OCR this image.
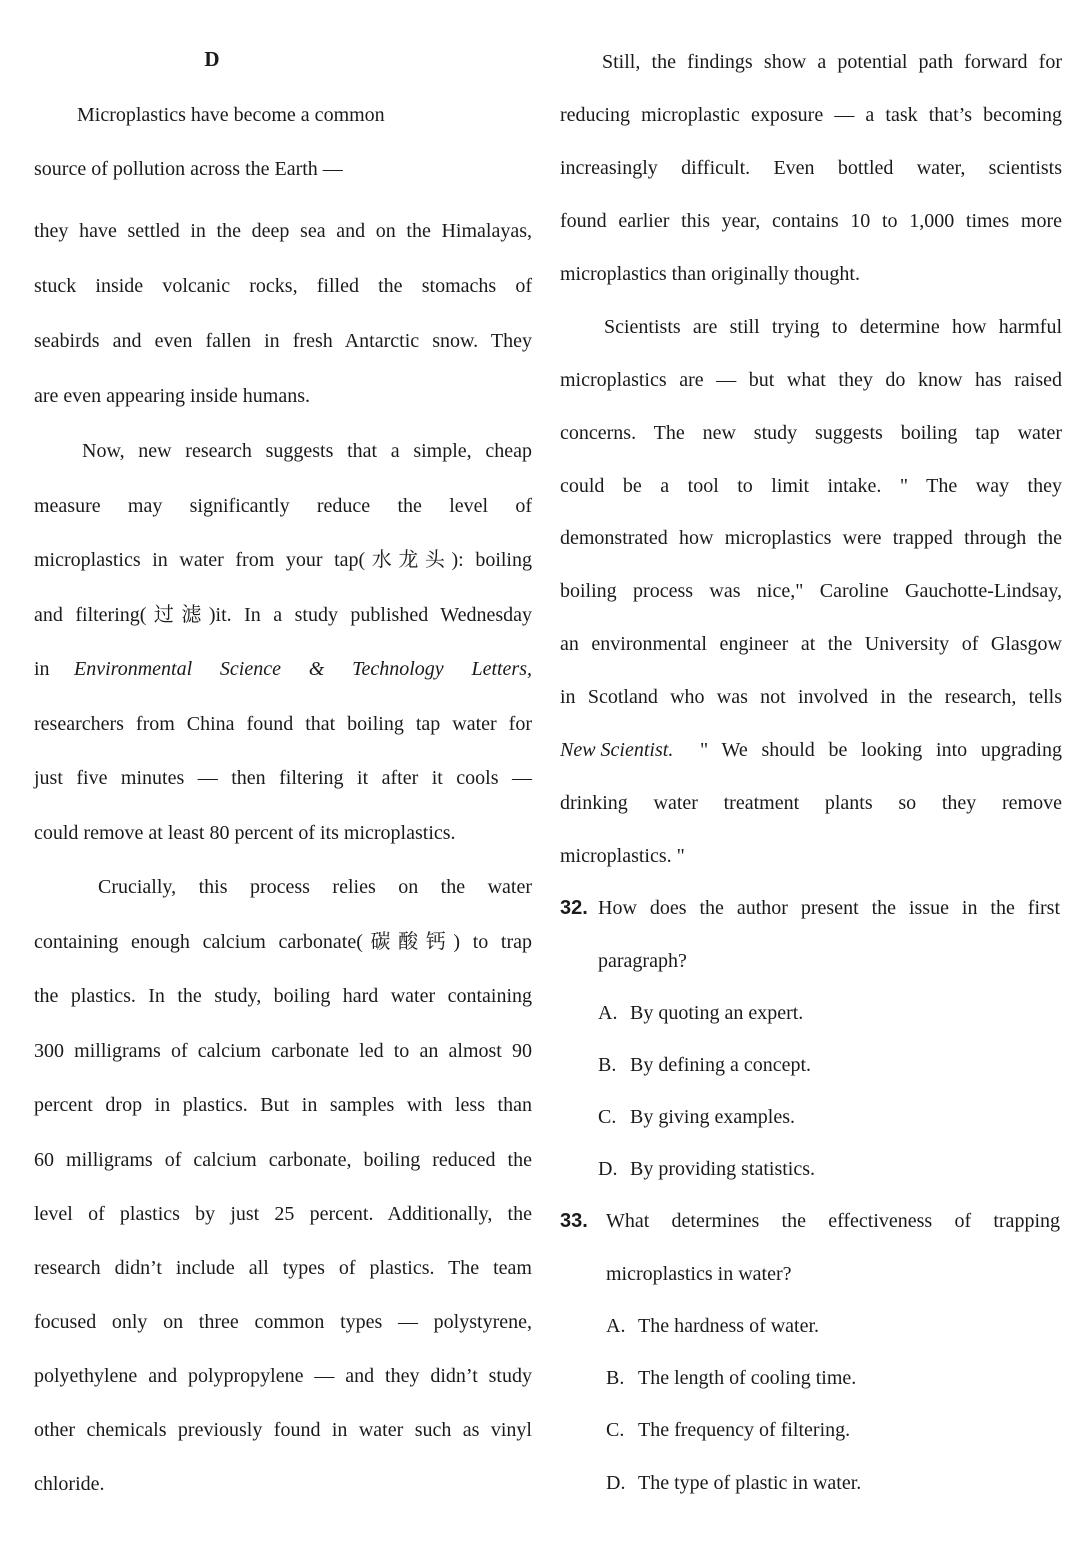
D
Microplastics have become a common
source of pollution across the Earth —
they have settled in the deep sea and on the Himalayas,
stuck inside volcanic rocks, filled the stomachs of
seabirds and even fallen in fresh Antarctic snow. They
are even appearing inside humans.
Now, new research suggests that a simple, cheap
measure may significantly reduce the level of
microplastics in water from your tap(水龙头): boiling
and filtering(过滤)it. In a study published Wednesday
in	Environmental Science & Technology Letters,
researchers from China found that boiling tap water for
just five minutes — then filtering it after it cools —
could remove at least 80 percent of its microplastics.
Crucially, this process relies on the water
containing enough calcium carbonate(碳酸钙) to trap
the plastics. In the study, boiling hard water containing
300 milligrams of calcium carbonate led to an almost 90
percent drop in plastics. But in samples with less than
60 milligrams of calcium carbonate, boiling reduced the
level of plastics by just 25 percent. Additionally, the
research didn’t include all types of plastics. The team
focused only on three common types — polystyrene,
polyethylene and polypropylene — and they didn’t study
other chemicals previously found in water such as vinyl
chloride.
Still, the findings show a potential path forward for
reducing microplastic exposure — a task that’s becoming
increasingly difficult. Even bottled water, scientists
found earlier this year, contains 10 to 1,000 times more
microplastics than originally thought.
Scientists are still trying to determine how harmful
microplastics are — but what they do know has raised
concerns. The new study suggests boiling tap water
could be a tool to limit intake. " The way they
demonstrated how microplastics were trapped through the
boiling process was nice," Caroline Gauchotte-Lindsay,
an environmental engineer at the University of Glasgow
in Scotland who was not involved in the research, tells
New Scientist.	" We should be looking into upgrading
drinking water treatment plants so they remove
microplastics. "
32. How does the author present the issue in the first
paragraph?
A. By quoting an expert.
B. By defining a concept.
C. By giving examples.
D. By providing statistics.
33. What determines the effectiveness of trapping
microplastics in water?
A. The hardness of water.
B. The length of cooling time.
C. The frequency of filtering.
D. The type of plastic in water.
